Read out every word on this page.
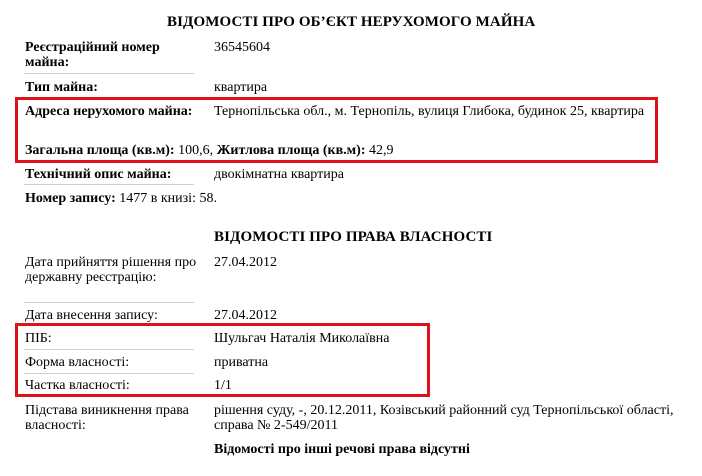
ВІДОМОСТІ ПРО ОБ’ЄКТ НЕРУХОМОГО МАЙНА
Реєстраційний номер майна:
36545604
Тип майна:	квартира
Адреса нерухомого майна: Тернопільська обл., м. Тернопіль, вулиця Глибока, будинок 25, квартира
Загальна площа (кв.м): 100,6, Житлова площа (кв.м): 42,9
Технічний опис майна:	двокімнатна квартира
Номер запису: 1477 в книзі: 58.
ВІДОМОСТІ ПРО ПРАВА ВЛАСНОСТІ
Дата прийняття рішення про державну реєстрацію:
27.04.2012
Дата внесення запису:	27.04.2012
ПІБ:	Шульгач Наталія Миколаївна
Форма власності:	приватна
Частка власності:	1/1
Підстава виникнення права власності:
рішення суду, -, 20.12.2011, Козівський районний суд Тернопільської області, справа № 2-549/2011
Відомості про інші речові права відсутні
